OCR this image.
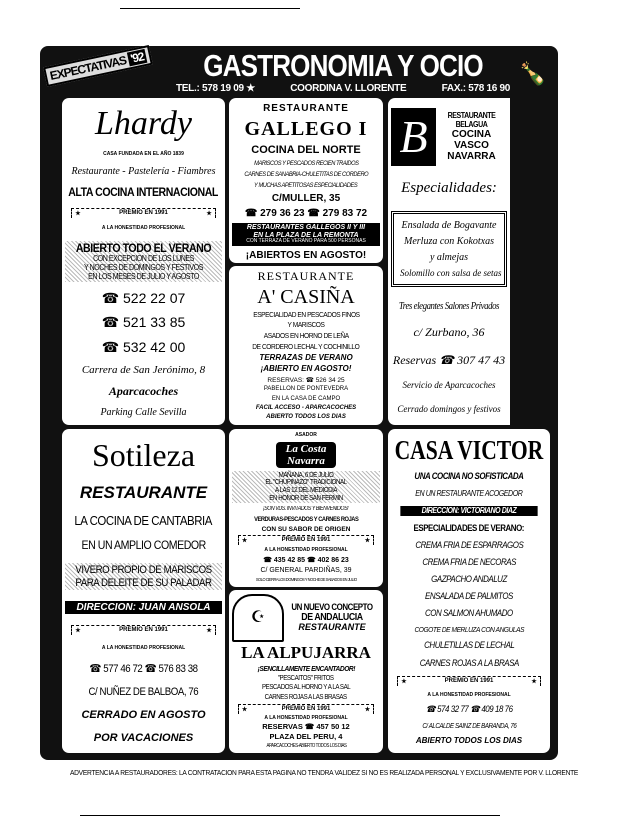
EXPECTATIVAS '92 GASTRONOMIA Y OCIO
TEL.: 578 19 09 ★	COORDINA V. LLORENTE	FAX.: 578 16 90
🍾
Lhardy
CASA FUNDADA EN EL AÑO 1839
Restaurante - Pastelería - Fiambres
ALTA COCINA INTERNACIONAL
★	PREMIO EN 1991	★
A LA HONESTIDAD PROFESIONAL
ABIERTO TODO EL VERANO
CON EXCEPCION DE LOS LUNES
Y NOCHES DE DOMINGOS Y FESTIVOS
EN LOS MESES DE JULIO Y AGOSTO
☎ 522 22 07
☎ 521 33 85
☎ 532 42 00
Carrera de San Jerónimo, 8
Aparcacoches
Parking Calle Sevilla
RESTAURANTE
GALLEGO I
COCINA DEL NORTE
MARISCOS Y PESCADOS RECIEN TRAIDOS
CARNES DE SANABRIA-CHULETITAS DE CORDERO
Y MUCHAS APETITOSAS ESPECIALIDADES
C/MULLER, 35
☎ 279 36 23 ☎ 279 83 72
RESTAURANTES GALLEGOS II Y III
EN LA PLAZA DE LA REMONTA
CON TERRAZA DE VERANO PARA 500 PERSONAS
¡ABIERTOS EN AGOSTO!
RESTAURANTE
A' CASIÑA
ESPECIALIDAD EN PESCADOS FINOS
Y MARISCOS
ASADOS EN HORNO DE LEÑA
DE CORDERO LECHAL Y COCHINILLO
TERRAZAS DE VERANO
¡ABIERTO EN AGOSTO!
RESERVAS: ☎ 526 34 25
PABELLON DE PONTEVEDRA
EN LA CASA DE CAMPO
FACIL ACCESO - APARCACOCHES
ABIERTO TODOS LOS DIAS
B	RESTAURANTE
BELAGUA
COCINA
VASCO
NAVARRA
Especialidades:
Ensalada de Bogavante
Merluza con Kokotxas
y almejas
Solomillo con salsa de setas
Tres elegantes Salones Privados
c/ Zurbano, 36
Reservas ☎ 307 47 43
Servicio de Aparcacoches
Cerrado domingos y festivos
Sotileza
RESTAURANTE
LA COCINA DE CANTABRIA
EN UN AMPLIO COMEDOR
VIVERO PROPIO DE MARISCOS
PARA DELEITE DE SU PALADAR
DIRECCION: JUAN ANSOLA
★	PREMIO EN 1991	★
A LA HONESTIDAD PROFESIONAL
☎ 577 46 72 ☎ 576 83 38
C/ NUÑEZ DE BALBOA, 76
CERRADO EN AGOSTO
POR VACACIONES
ASADOR
La Costa
Navarra
MAÑANA, 6 DE JULIO
EL "CHUPINAZO" TRADICIONAL
A LAS 12 DEL MEDIODIA
EN HONOR DE SAN FERMIN
¡SON VDS. INVITADOS Y BIENVENIDOS!
VERDURAS-PESCADOS Y CARNES ROJAS
CON SU SABOR DE ORIGEN
★	PREMIO EN 1991	★
A LA HONESTIDAD PROFESIONAL
☎ 435 42 85 ☎ 402 86 23
C/ GENERAL PARDIÑAS, 39
SOLO CIERRA LOS DOMINGOS Y NOCHE DE SABADOS EN JULIO
☪
UN NUEVO CONCEPTO
DE ANDALUCIA
RESTAURANTE
LA ALPUJARRA
¡SENCILLAMENTE ENCANTADOR!
"PESCAITOS" FRITOS
PESCADOS AL HORNO Y A LA SAL
CARNES ROJAS A LAS BRASAS
★	PREMIO EN 1991	★
A LA HONESTIDAD PROFESIONAL
RESERVAS ☎ 457 50 12
PLAZA DEL PERU, 4
APARCACOCHES-ABIERTO TODOS LOS DIAS
CASA VICTOR
UNA COCINA NO SOFISTICADA
EN UN RESTAURANTE ACOGEDOR
DIRECCION: VICTORIANO DIAZ
ESPECIALIDADES DE VERANO:
CREMA FRIA DE ESPARRAGOS
CREMA FRIA DE NECORAS
GAZPACHO ANDALUZ
ENSALADA DE PALMITOS
CON SALMON AHUMADO
COGOTE DE MERLUZA CON ANGULAS
CHULETILLAS DE LECHAL
CARNES ROJAS A LA BRASA
★	PREMIO EN 1991	★
A LA HONESTIDAD PROFESIONAL
☎ 574 32 77 ☎ 409 18 76
C/ ALCALDE SAINZ DE BARANDA, 76
ABIERTO TODOS LOS DIAS
ADVERTENCIA A RESTAURADORES: LA CONTRATACION PARA ESTA PAGINA NO TENDRA VALIDEZ SI NO ES REALIZADA PERSONAL Y EXCLUSIVAMENTE POR V. LLORENTE
